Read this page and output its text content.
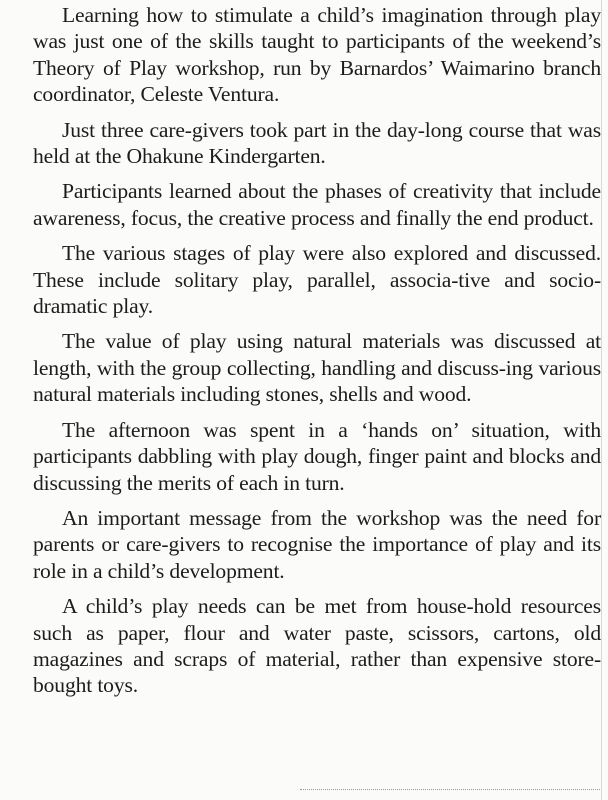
Learning how to stimulate a child’s imagination through play was just one of the skills taught to participants of the weekend’s Theory of Play workshop, run by Barnardos’ Waimarino branch coordinator, Celeste Ventura.

Just three care-givers took part in the day-long course that was held at the Ohakune Kindergarten.

Participants learned about the phases of creativity that include awareness, focus, the creative process and finally the end product.

The various stages of play were also explored and discussed. These include solitary play, parallel, associa-tive and socio-dramatic play.

The value of play using natural materials was discussed at length, with the group collecting, handling and discuss-ing various natural materials including stones, shells and wood.

The afternoon was spent in a ‘hands on’ situation, with participants dabbling with play dough, finger paint and blocks and discussing the merits of each in turn.

An important message from the workshop was the need for parents or care-givers to recognise the importance of play and its role in a child’s development.

A child’s play needs can be met from house-hold resources such as paper, flour and water paste, scissors, cartons, old magazines and scraps of material, rather than expensive store-bought toys.
